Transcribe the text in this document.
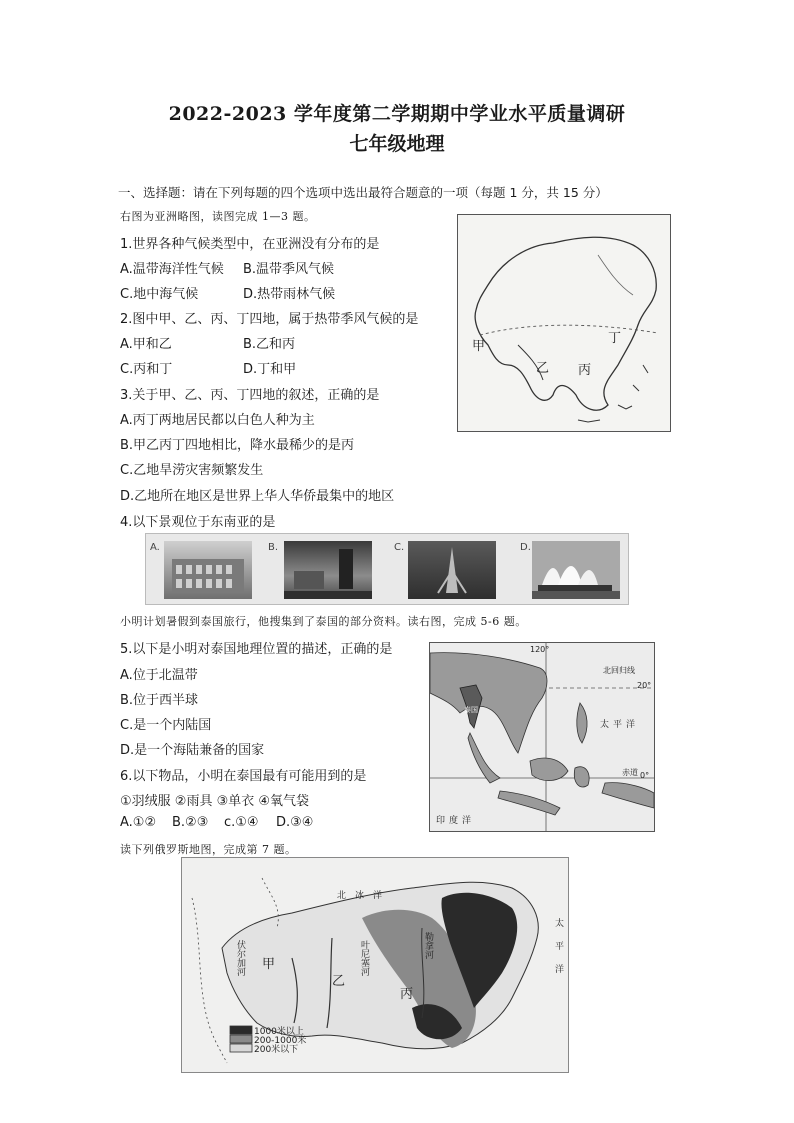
2022-2023 学年度第二学期期中学业水平质量调研
七年级地理
一、选择题：请在下列每题的四个选项中选出最符合题意的一项（每题 1 分，共 15 分）
右图为亚洲略图，读图完成 1—3 题。
1.世界各种气候类型中，在亚洲没有分布的是
A.温带海洋性气候 B.温带季风气候
C.地中海气候	D.热带雨林气候
2.图中甲、乙、丙、丁四地，属于热带季风气候的是
A.甲和乙	B.乙和丙
C.丙和丁	D.丁和甲
3.关于甲、乙、丙、丁四地的叙述，正确的是
A.丙丁两地居民都以白色人种为主
B.甲乙丙丁四地相比，降水最稀少的是丙
C.乙地旱涝灾害频繁发生
D.乙地所在地区是世界上华人华侨最集中的地区
甲
乙 丙
丁
4.以下景观位于东南亚的是
A.	B.	C.	D.
小明计划暑假到泰国旅行，他搜集到了泰国的部分资料。读右图，完成 5-6 题。
5.以下是小明对泰国地理位置的描述，正确的是
A.位于北温带
B.位于西半球
C.是一个内陆国
D.是一个海陆兼备的国家
6.以下物品，小明在泰国最有可能用到的是
①羽绒服 ②雨具 ③单衣 ④氧气袋
A.①② B.②③ c.①④ D.③④
120°
北回归线
20°
太平洋
泰国
赤道 0°
印度洋
读下列俄罗斯地图，完成第 7 题。
北冰洋
太平洋
伏尔加河	叶尼塞河	勒拿河
甲
乙
丙
1000米以上
200-1000米
200米以下
